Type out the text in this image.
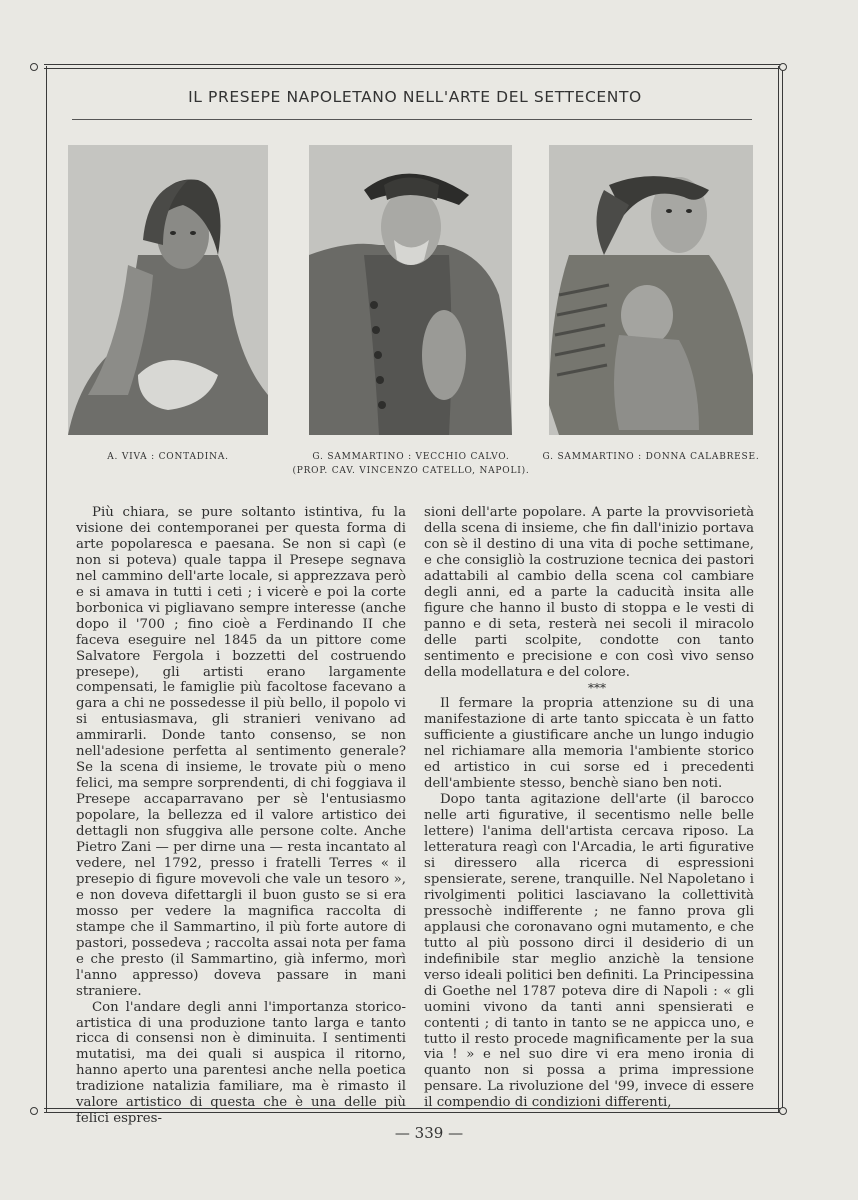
IL PRESEPE NAPOLETANO NELL'ARTE DEL SETTECENTO
A. VIVA : CONTADINA.	G. SAMMARTINO : VECCHIO CALVO.
(PROP. CAV. VINCENZO CATELLO, NAPOLI).
G. SAMMARTINO : DONNA CALABRESE.

Più chiara, se pure soltanto istintiva, fu la visione dei contemporanei per questa forma di arte popolaresca e paesana. Se non si capì (e non si poteva) quale tappa il Presepe segnava nel cammino dell'arte locale, si apprezzava però e si amava in tutti i ceti ; i vicerè e poi la corte borbonica vi pigliavano sempre interesse (anche dopo il '700 ; fino cioè a Ferdinando II che faceva eseguire nel 1845 da un pittore come Salvatore Fergola i bozzetti del costruendo presepe), gli artisti erano largamente compensati, le famiglie più facoltose facevano a gara a chi ne possedesse il più bello, il popolo vi si entusiasmava, gli stranieri venivano ad ammirarli. Donde tanto consenso, se non nell'adesione perfetta al sentimento generale? Se la scena di insieme, le trovate più o meno felici, ma sempre sorprendenti, di chi foggiava il Presepe accaparravano per sè l'entusiasmo popolare, la bellezza ed il valore artistico dei dettagli non sfuggiva alle persone colte. Anche Pietro Zani — per dirne una — resta incantato al vedere, nel 1792, presso i fratelli Terres « il presepio di figure movevoli che vale un tesoro », e non doveva difettargli il buon gusto se si era mosso per vedere la magnifica raccolta di stampe che il Sammartino, il più forte autore di pastori, possedeva ; raccolta assai nota per fama e che presto (il Sammartino, già infermo, morì l'anno appresso) doveva passare in mani straniere.

Con l'andare degli anni l'importanza storico-artistica di una produzione tanto larga e tanto ricca di consensi non è diminuita. I sentimenti mutatisi, ma dei quali si auspica il ritorno, hanno aperto una parentesi anche nella poetica tradizione natalizia familiare, ma è rimasto il valore artistico di questa che è una delle più felici espres-

sioni dell'arte popolare. A parte la provvisorietà della scena di insieme, che fin dall'inizio portava con sè il destino di una vita di poche settimane, e che consigliò la costruzione tecnica dei pastori adattabili al cambio della scena col cambiare degli anni, ed a parte la caducità insita alle figure che hanno il busto di stoppa e le vesti di panno e di seta, resterà nei secoli il miracolo delle parti scolpite, condotte con tanto sentimento e precisione e con così vivo senso della modellatura e del colore.

***

Il fermare la propria attenzione su di una manifestazione di arte tanto spiccata è un fatto sufficiente a giustificare anche un lungo indugio nel richiamare alla memoria l'ambiente storico ed artistico in cui sorse ed i precedenti dell'ambiente stesso, benchè siano ben noti.

Dopo tanta agitazione dell'arte (il barocco nelle arti figurative, il secentismo nelle belle lettere) l'anima dell'artista cercava riposo. La letteratura reagì con l'Arcadia, le arti figurative si diressero alla ricerca di espressioni spensierate, serene, tranquille. Nel Napoletano i rivolgimenti politici lasciavano la collettività pressochè indifferente ; ne fanno prova gli applausi che coronavano ogni mutamento, e che tutto al più possono dirci il desiderio di un indefinibile star meglio anzichè la tensione verso ideali politici ben definiti. La Principessina di Goethe nel 1787 poteva dire di Napoli : « gli uomini vivono da tanti anni spensierati e contenti ; di tanto in tanto se ne appicca uno, e tutto il resto procede magnificamente per la sua via ! » e nel suo dire vi era meno ironia di quanto non si possa a prima impressione pensare. La rivoluzione del '99, invece di essere il compendio di condizioni differenti,

— 339 —
